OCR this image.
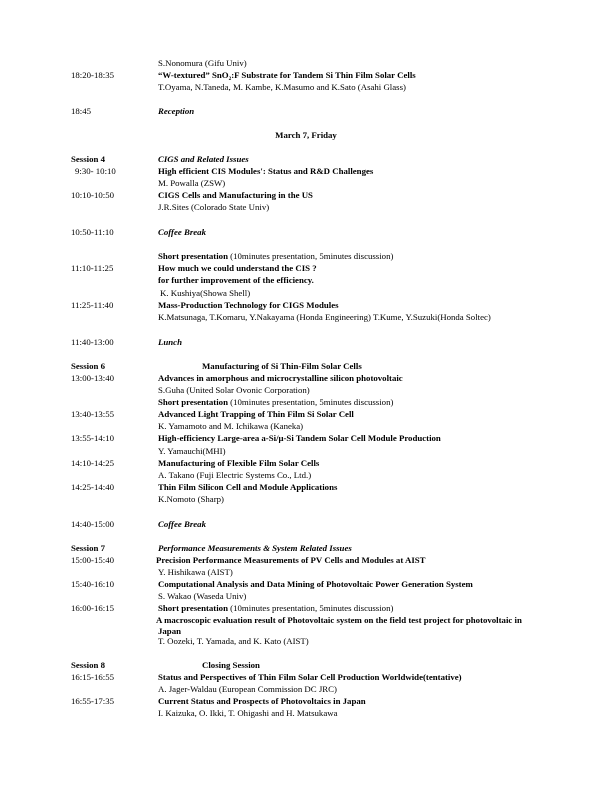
March 7, Friday
S.Nonomura (Gifu Univ)
18:20-18:35	“W-textured” SnO₂:F Substrate for Tandem Si Thin Film Solar Cells
T.Oyama, N.Taneda, M. Kambe, K.Masumo and K.Sato (Asahi Glass)
18:45	Reception
Session 4	CIGS and Related Issues
9:30- 10:10	High efficient CIS Modules': Status and R&D Challenges
M. Powalla (ZSW)
10:10-10:50	CIGS Cells and Manufacturing in the US
J.R.Sites (Colorado State Univ)
10:50-11:10	Coffee Break
Short presentation (10minutes presentation, 5minutes discussion)
11:10-11:25	How much we could understand the CIS ?
for further improvement of the efficiency.
K. Kushiya(Showa Shell)
11:25-11:40	Mass-Production Technology for CIGS Modules
K.Matsunaga, T.Komaru, Y.Nakayama (Honda Engineering) T.Kume, Y.Suzuki(Honda Soltec)
11:40-13:00	Lunch
Session 6	Manufacturing of Si Thin-Film Solar Cells
13:00-13:40	Advances in amorphous and microcrystalline silicon photovoltaic
S.Guha (United Solar Ovonic Corporation)
Short presentation (10minutes presentation, 5minutes discussion)
13:40-13:55	Advanced Light Trapping of Thin Film Si Solar Cell
K. Yamamoto and M. Ichikawa (Kaneka)
13:55-14:10	High-efficiency Large-area a-Si/μ-Si Tandem Solar Cell Module Production
Y. Yamauchi(MHI)
14:10-14:25	Manufacturing of Flexible Film Solar Cells
A. Takano (Fuji Electric Systems Co., Ltd.)
14:25-14:40	Thin Film Silicon Cell and Module Applications
K.Nomoto (Sharp)
14:40-15:00	Coffee Break
Session 7	Performance Measurements & System Related Issues
15:00-15:40	Precision Performance Measurements of PV Cells and Modules at AIST
Y. Hishikawa (AIST)
15:40-16:10	Computational Analysis and Data Mining of Photovoltaic Power Generation System
S. Wakao (Waseda Univ)
16:00-16:15	Short presentation (10minutes presentation, 5minutes discussion)
A macroscopic evaluation result of Photovoltaic system on the field test project for photovoltaic in
Japan
T. Oozeki, T. Yamada, and K. Kato (AIST)
Session 8	Closing Session
16:15-16:55	Status and Perspectives of Thin Film Solar Cell Production Worldwide(tentative)
A. Jager-Waldau (European Commission DC JRC)
16:55-17:35	Current Status and Prospects of Photovoltaics in Japan
I. Kaizuka, O. Ikki, T. Ohigashi and H. Matsukawa
